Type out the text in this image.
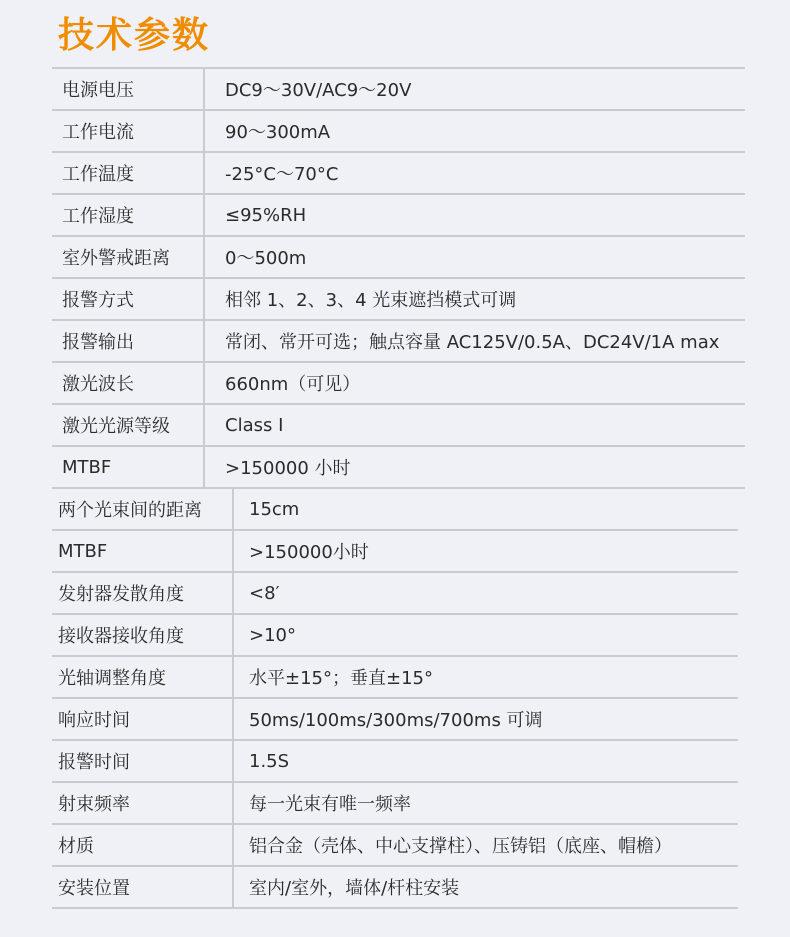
技术参数
电源电压	DC9～30V/AC9～20V
工作电流	90～300mA
工作温度	-25°C～70°C
工作湿度	≤95%RH
室外警戒距离	0～500m
报警方式	相邻 1、2、3、4 光束遮挡模式可调
报警输出	常闭、常开可选；触点容量 AC125V/0.5A、DC24V/1A max
激光波长	660nm（可见）
激光光源等级	Class Ⅰ
MTBF	>150000 小时
两个光束间的距离	15cm
MTBF	>150000小时
发射器发散角度	<8′
接收器接收角度	>10°
光轴调整角度	水平±15°；垂直±15°
响应时间	50ms/100ms/300ms/700ms 可调
报警时间	1.5S
射束频率	每一光束有唯一频率
材质	铝合金（壳体、中心支撑柱）、压铸铝（底座、帽檐）
安装位置	室内/室外，墙体/杆柱安装
